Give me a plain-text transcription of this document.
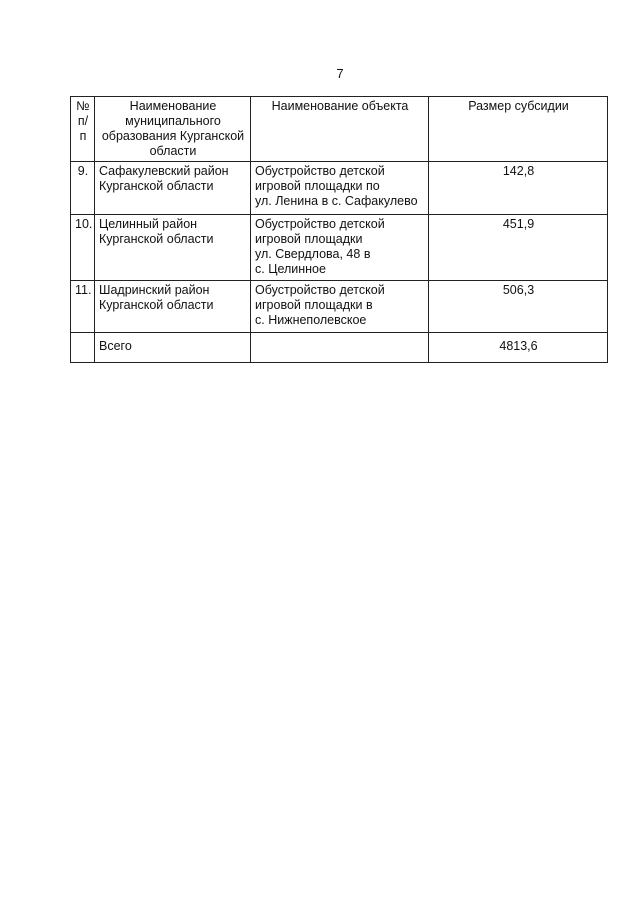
7
№
п/п	Наименование
муниципального
образования Курганской
области	Наименование объекта	Размер субсидии

9.	Сафакулевский район
Курганской области	Обустройство детской
игровой площадки по
ул. Ленина в с. Сафакулево	142,8
10.	Целинный район
Курганской области	Обустройство детской
игровой площадки
ул. Свердлова, 48 в
с. Целинное	451,9
11.	Шадринский район
Курганской области	Обустройство детской
игровой площадки в
с. Нижнеполевское	506,3
	Всего		4813,6
